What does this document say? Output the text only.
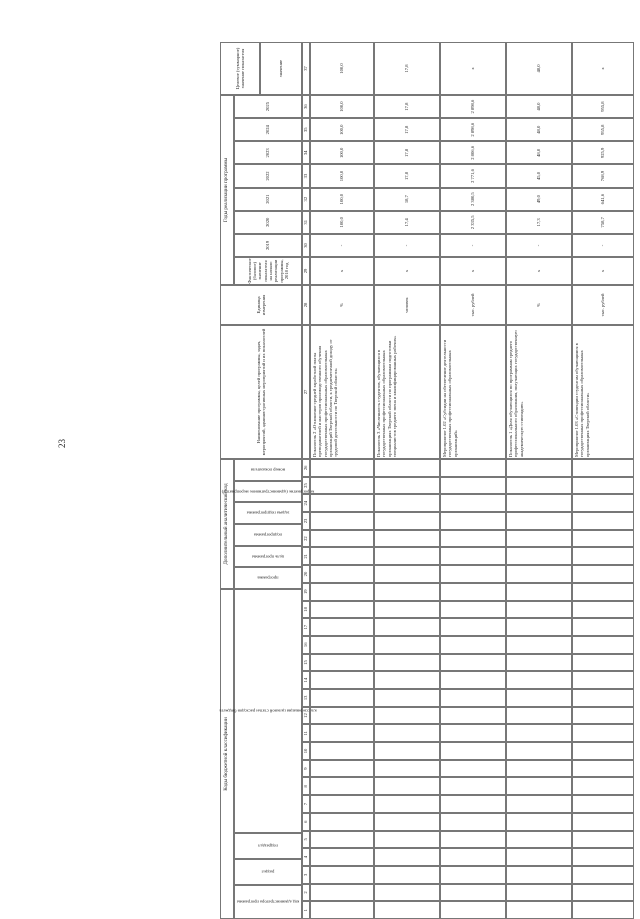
23
Коды бюджетной классификации
Дополнительный аналитический код
Наименование программы, целей программы, задач, мероприятий, административных мероприятий и их показателей
Единица измерения
Годы реализации программы
Целевое (суммарное) значение показателя	значение
Фактическое (базовое) значение показателя на начало реализации программы, 2018 год
2019
2020
2021
2022
2023
2024
2025
код администратора программы
раздел
подраздел
классификация целевой статьи расходов бюджета
программа
цель программы
подпрограмма
задача подпрограммы
мероприятие (административное мероприятие)
номер показателя
1
2
3
4
5
6
7
8
9
10
11
12
13
14
15
16
17
18
19
20
21
22
23
24
25
26
27
28
29
30
31
32
33
34
35
36
37
Показатель 2 «Отношение средней заработной платы преподавателей и мастеров производственного обучения государственных профессиональных образовательных организаций Тверской области, к среднемесячной доходу от трудовой деятельности по Тверской области»
%
х
-
100,0
100,0
100,0
100,0
100,0
100,0
100,0
Показатель 3 «Численность студентов, обучающихся в государственных профессиональных образовательных организациях Тверской области по программам подготовки специалистов среднего звена и квалифицированных рабочих»
человек
х
-
17,4
18,7
17,8
17,8
17,8
17,8
17,8
Мероприятие 1.02 «Субсидии на обеспечение деятельности государственных профессиональных образовательных организаций»
тыс. рублей
х
-
2 335,5
2 380,5
2 771,6
2 806,6
2 898,6
2 898,6
х
Показатель 1 «Доля обучающихся по программам среднего профессионального образования, получающих государственную академическую стипендию»
%
х
-
17,3
49,0
45,0
48,0
48,0
48,0
48,0
Мероприятие 1.03 «Стипендии студентам обучающимся в государственных профессиональных образовательных организациях Тверской области»
тыс. рублей
х
-
758,7
641,6
768,9
925,9
955,8
955,8
х
